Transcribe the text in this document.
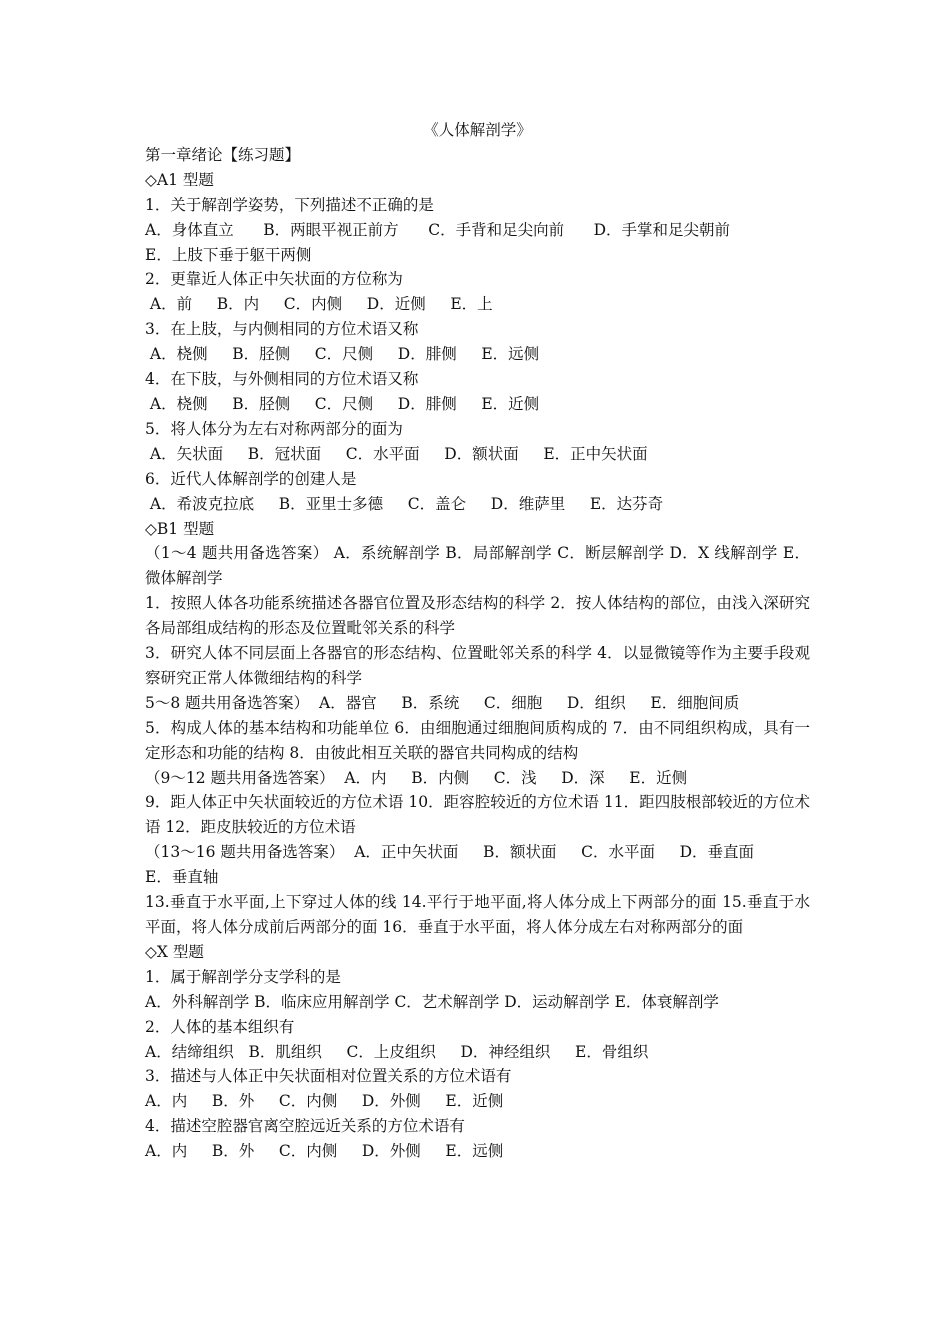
《人体解剖学》

第一章绪论【练习题】

◇A1 型题

1．关于解剖学姿势，下列描述不正确的是

A．身体直立      B．两眼平视正前方      C．手背和足尖向前      D．手掌和足尖朝前

E．上肢下垂于躯干两侧

2．更靠近人体正中矢状面的方位称为

A．前     B．内     C．内侧     D．近侧     E．上

3．在上肢，与内侧相同的方位术语又称

A．桡侧     B．胫侧     C．尺侧     D．腓侧     E．远侧

4．在下肢，与外侧相同的方位术语又称

A．桡侧     B．胫侧     C．尺侧     D．腓侧     E．近侧

5．将人体分为左右对称两部分的面为

A．矢状面     B．冠状面     C．水平面     D．额状面     E．正中矢状面

6．近代人体解剖学的创建人是

A．希波克拉底     B．亚里士多德     C．盖仑     D．维萨里     E．达芬奇

◇B1 型题

（1～4 题共用备选答案） A．系统解剖学 B．局部解剖学 C．断层解剖学 D．X 线解剖学 E．微体解剖学

1．按照人体各功能系统描述各器官位置及形态结构的科学 2．按人体结构的部位，由浅入深研究各局部组成结构的形态及位置毗邻关系的科学

3．研究人体不同层面上各器官的形态结构、位置毗邻关系的科学 4．以显微镜等作为主要手段观察研究正常人体微细结构的科学

5～8 题共用备选答案）  A．器官     B．系统     C．细胞     D．组织     E．细胞间质

5．构成人体的基本结构和功能单位 6．由细胞通过细胞间质构成的 7．由不同组织构成，具有一定形态和功能的结构 8．由彼此相互关联的器官共同构成的结构

（9～12 题共用备选答案）  A．内     B．内侧     C．浅     D．深     E．近侧

9．距人体正中矢状面较近的方位术语 10．距容腔较近的方位术语 11．距四肢根部较近的方位术语 12．距皮肤较近的方位术语

（13～16 题共用备选答案）  A．正中矢状面     B．额状面     C．水平面     D．垂直面

E．垂直轴

13.垂直于水平面,上下穿过人体的线 14.平行于地平面,将人体分成上下两部分的面 15.垂直于水平面，将人体分成前后两部分的面 16．垂直于水平面，将人体分成左右对称两部分的面

◇X 型题

1．属于解剖学分支学科的是

A．外科解剖学 B．临床应用解剖学 C．艺术解剖学 D．运动解剖学 E．体衰解剖学

2．人体的基本组织有

A．结缔组织   B．肌组织     C．上皮组织     D．神经组织     E．骨组织

3．描述与人体正中矢状面相对位置关系的方位术语有

A．内     B．外     C．内侧     D．外侧     E．近侧

4．描述空腔器官离空腔远近关系的方位术语有

A．内     B．外     C．内侧     D．外侧     E．远侧
